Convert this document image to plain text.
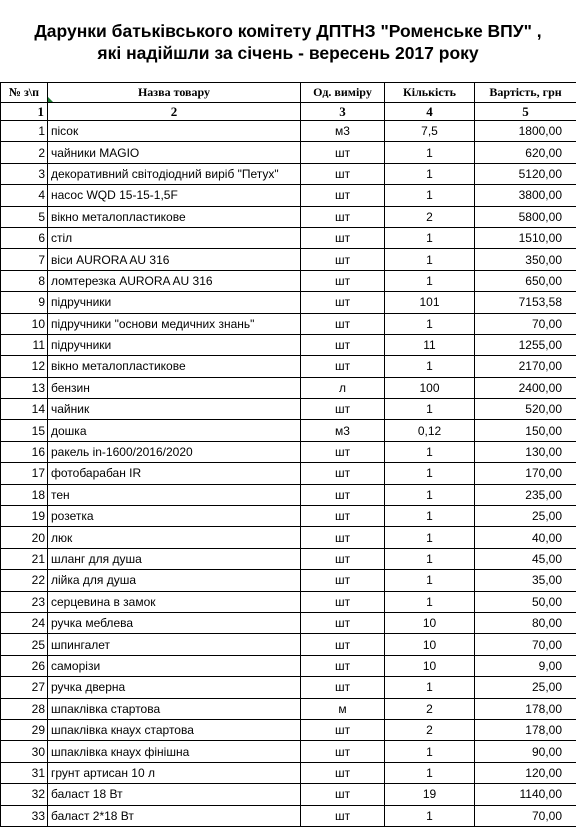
Дарунки батьківського комітету ДПТНЗ "Роменське ВПУ" ,
які надійшли за січень - вересень 2017 року
№ з\п	Назва товару	Од. виміру	Кількість	Вартість, грн
1	2	3	4	5
1	пісок	м3	7,5	1800,00
2	чайники MAGIO	шт	1	620,00
3	декоративний світодіодний виріб "Петух"	шт	1	5120,00
4	насос WQD 15-15-1,5F	шт	1	3800,00
5	вікно металопластикове	шт	2	5800,00
6	стіл	шт	1	1510,00
7	віси AURORA AU 316	шт	1	350,00
8	ломтерезка AURORA AU 316	шт	1	650,00
9	підручники	шт	101	7153,58
10	підручники "основи медичних знань"	шт	1	70,00
11	підручники	шт	11	1255,00
12	вікно металопластикове	шт	1	2170,00
13	бензин	л	100	2400,00
14	чайник	шт	1	520,00
15	дошка	м3	0,12	150,00
16	ракель in-1600/2016/2020	шт	1	130,00
17	фотобарабан IR	шт	1	170,00
18	тен	шт	1	235,00
19	розетка	шт	1	25,00
20	люк	шт	1	40,00
21	шланг для душа	шт	1	45,00
22	лійка для душа	шт	1	35,00
23	серцевина в замок	шт	1	50,00
24	ручка меблева	шт	10	80,00
25	шпингалет	шт	10	70,00
26	саморізи	шт	10	9,00
27	ручка дверна	шт	1	25,00
28	шпаклівка стартова	м	2	178,00
29	шпаклівка кнаух стартова	шт	2	178,00
30	шпаклівка кнаух фінішна	шт	1	90,00
31	грунт артисан 10 л	шт	1	120,00
32	баласт 18 Вт	шт	19	1140,00
33	баласт 2*18 Вт	шт	1	70,00
